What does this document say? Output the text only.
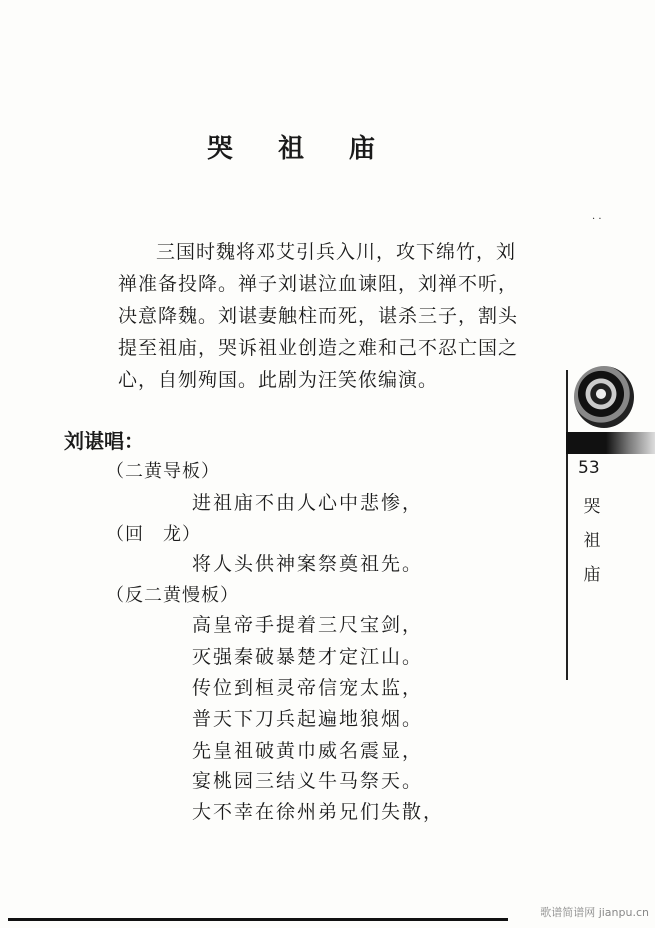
哭 祖 庙

三国时魏将邓艾引兵入川，攻下绵竹，刘禅准备投降。禅子刘谌泣血谏阻，刘禅不听，决意降魏。刘谌妻触柱而死，谌杀三子，割头提至祖庙，哭诉祖业创造之难和己不忍亡国之心，自刎殉国。此剧为汪笑侬编演。

刘谌唱：
（二黄导板）
进祖庙不由人心中悲惨，
（回　龙）
将人头供神案祭奠祖先。
（反二黄慢板）
高皇帝手提着三尺宝剑，
灭强秦破暴楚才定江山。
传位到桓灵帝信宠太监，
普天下刀兵起遍地狼烟。
先皇祖破黄巾威名震显，
宴桃园三结义牛马祭天。
大不幸在徐州弟兄们失散，
· ·
53
哭
祖
庙
歌谱简谱网 jianpu.cn
